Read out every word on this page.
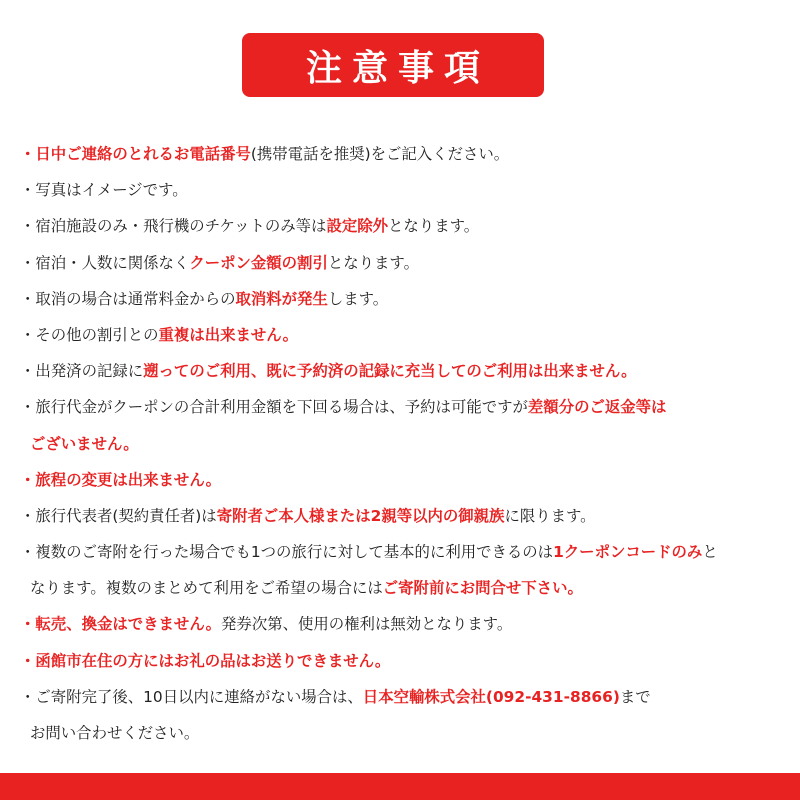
注意事項
・日中ご連絡のとれるお電話番号(携帯電話を推奨)をご記入ください。
・写真はイメージです。
・宿泊施設のみ・飛行機のチケットのみ等は設定除外となります。
・宿泊・人数に関係なくクーポン金額の割引となります。
・取消の場合は通常料金からの取消料が発生します。
・その他の割引との重複は出来ません。
・出発済の記録に遡ってのご利用、既に予約済の記録に充当してのご利用は出来ません。
・旅行代金がクーポンの合計利用金額を下回る場合は、予約は可能ですが差額分のご返金等は
ございません。
・旅程の変更は出来ません。
・旅行代表者(契約責任者)は寄附者ご本人様または2親等以内の御親族に限ります。
・複数のご寄附を行った場合でも1つの旅行に対して基本的に利用できるのは1クーポンコードのみと
なります。複数のまとめて利用をご希望の場合にはご寄附前にお問合せ下さい。
・転売、換金はできません。発券次第、使用の権利は無効となります。
・函館市在住の方にはお礼の品はお送りできません。
・ご寄附完了後、10日以内に連絡がない場合は、日本空輸株式会社(092-431-8866)まで
お問い合わせください。
